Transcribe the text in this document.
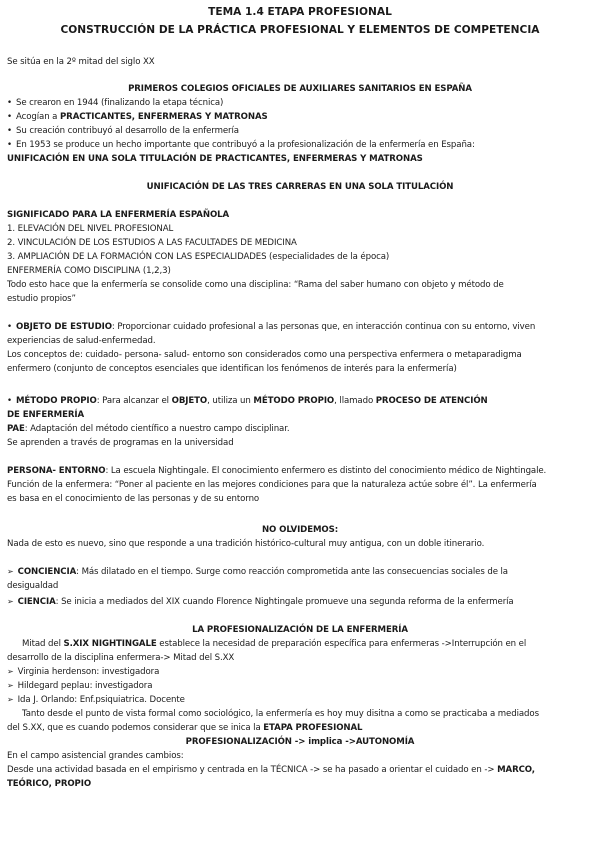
TEMA 1.4 ETAPA PROFESIONAL
CONSTRUCCIÓN DE LA PRÁCTICA PROFESIONAL Y ELEMENTOS DE COMPETENCIA
Se sitúa en la 2º mitad del siglo XX
PRIMEROS COLEGIOS OFICIALES DE AUXILIARES SANITARIOS EN ESPAÑA
• Se crearon en 1944 (finalizando la etapa técnica)
• Acogían a PRACTICANTES, ENFERMERAS Y MATRONAS
• Su creación contribuyó al desarrollo de la enfermería
• En 1953 se produce un hecho importante que contribuyó a la profesionalización de la enfermería en España:
UNIFICACIÓN EN UNA SOLA TITULACIÓN DE PRACTICANTES, ENFERMERAS Y MATRONAS
UNIFICACIÓN DE LAS TRES CARRERAS EN UNA SOLA TITULACIÓN
SIGNIFICADO PARA LA ENFERMERÍA ESPAÑOLA
1. ELEVACIÓN DEL NIVEL PROFESIONAL
2. VINCULACIÓN DE LOS ESTUDIOS A LAS FACULTADES DE MEDICINA
3. AMPLIACIÓN DE LA FORMACIÓN CON LAS ESPECIALIDADES (especialidades de la época)
ENFERMERÍA COMO DISCIPLINA (1,2,3)
Todo esto hace que la enfermería se consolide como una disciplina: “Rama del saber humano con objeto y método de
estudio propios”
• OBJETO DE ESTUDIO: Proporcionar cuidado profesional a las personas que, en interacción continua con su entorno, viven
experiencias de salud-enfermedad.
Los conceptos de: cuidado- persona- salud- entorno son considerados como una perspectiva enfermera o metaparadigma
enfermero (conjunto de conceptos esenciales que identifican los fenómenos de interés para la enfermería)
• MÉTODO PROPIO: Para alcanzar el OBJETO, utiliza un MÉTODO PROPIO, llamado PROCESO DE ATENCIÓN
DE ENFERMERÍA
PAE: Adaptación del método científico a nuestro campo disciplinar.
Se aprenden a través de programas en la universidad
PERSONA- ENTORNO: La escuela Nightingale. El conocimiento enfermero es distinto del conocimiento médico de Nightingale.
Función de la enfermera: “Poner al paciente en las mejores condiciones para que la naturaleza actúe sobre él”. La enfermería
es basa en el conocimiento de las personas y de su entorno
NO OLVIDEMOS:
Nada de esto es nuevo, sino que responde a una tradición histórico-cultural muy antigua, con un doble itinerario.
➢ CONCIENCIA: Más dilatado en el tiempo. Surge como reacción comprometida ante las consecuencias sociales de la
desigualdad
➢ CIENCIA: Se inicia a mediados del XIX cuando Florence Nightingale promueve una segunda reforma de la enfermería
LA PROFESIONALIZACIÓN DE LA ENFERMERÍA
Mitad del S.XIX NIGHTINGALE establece la necesidad de preparación específica para enfermeras ->Interrupción en el
desarrollo de la disciplina enfermera-> Mitad del S.XX
➢ Virginia herdenson: investigadora
➢ Hildegard peplau: investigadora
➢ Ida J. Orlando: Enf.psiquiatrica. Docente
Tanto desde el punto de vista formal como sociológico, la enfermería es hoy muy disitna a como se practicaba a mediados
del S.XX, que es cuando podemos considerar que se inica la ETAPA PROFESIONAL
PROFESIONALIZACIÓN -> implica ->AUTONOMÍA
En el campo asistencial grandes cambios:
Desde una actividad basada en el empirismo y centrada en la TÉCNICA -> se ha pasado a orientar el cuidado en -> MARCO,
TEÓRICO, PROPIO
